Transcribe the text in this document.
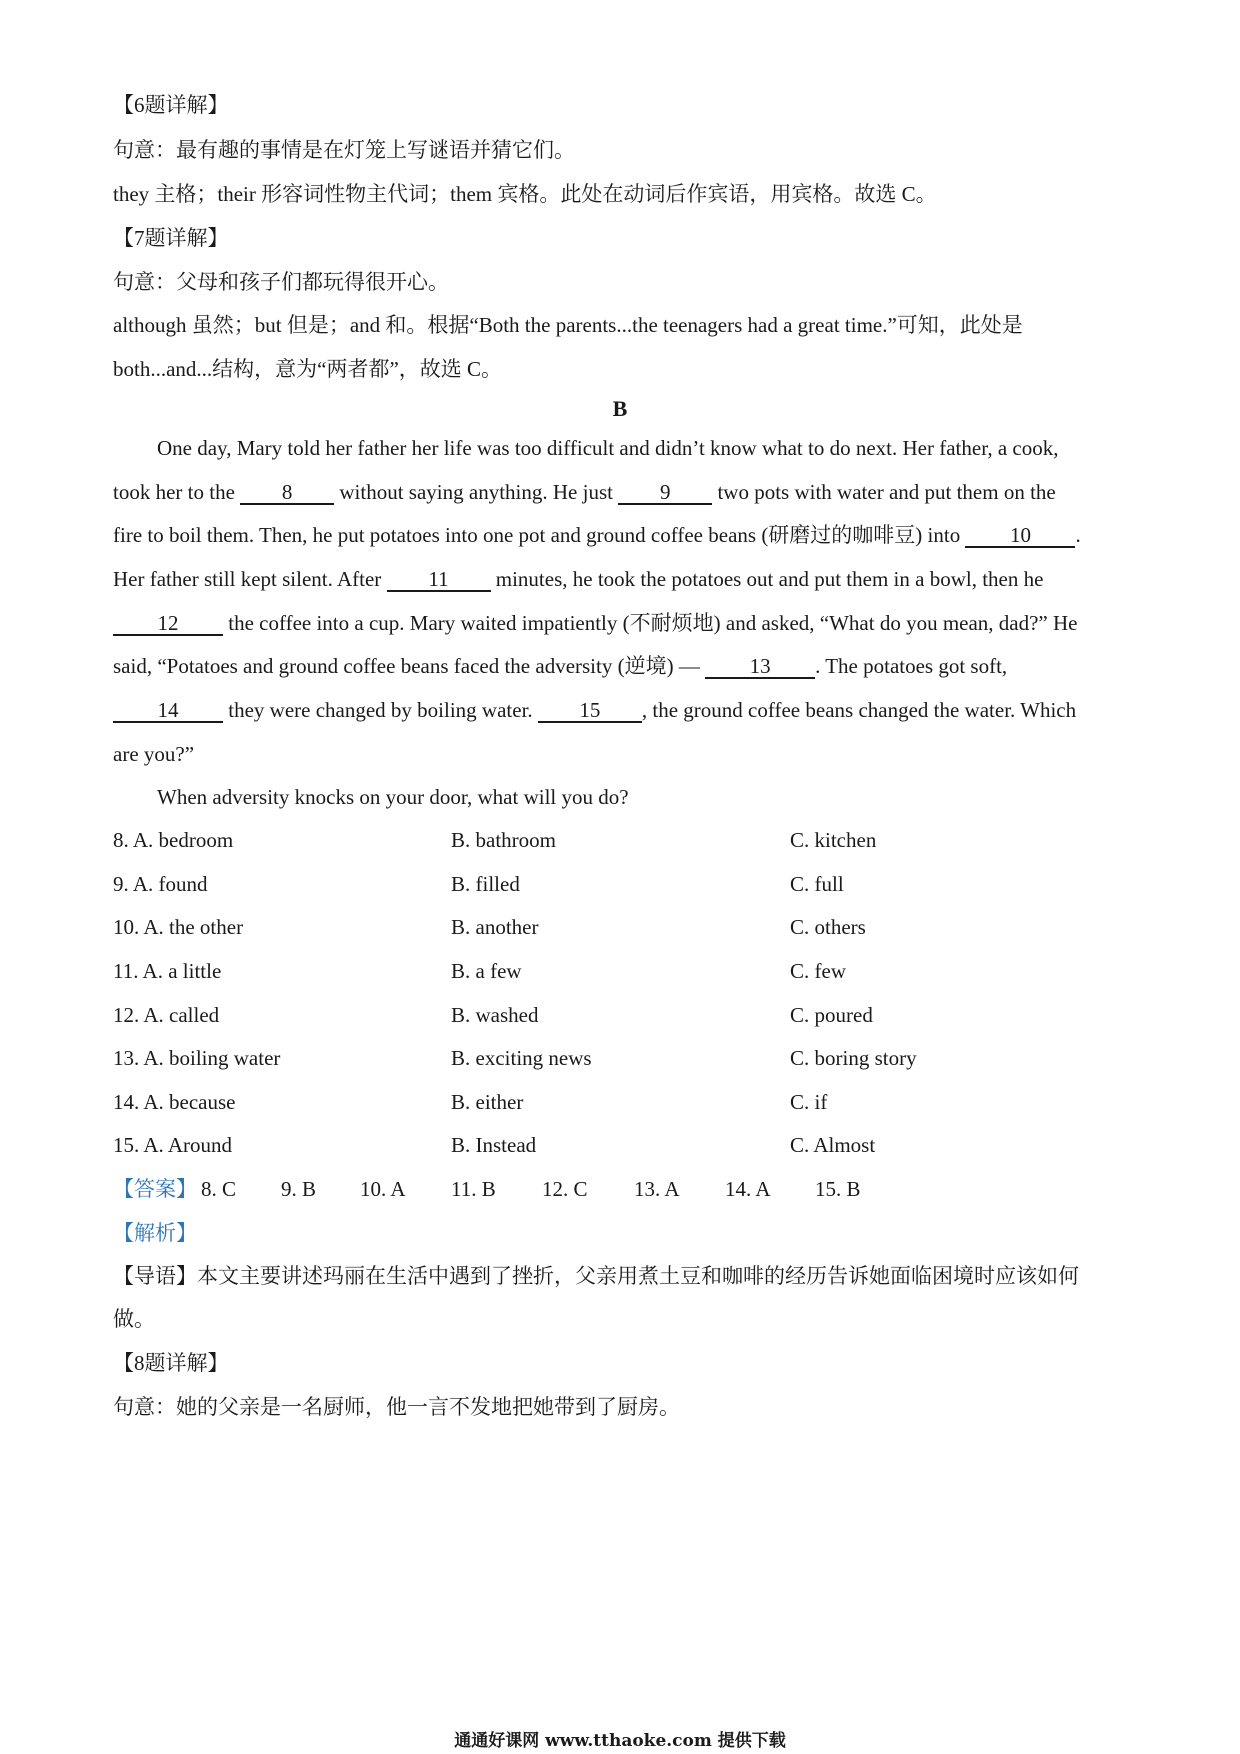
【6题详解】
句意：最有趣的事情是在灯笼上写谜语并猜它们。
they 主格；their 形容词性物主代词；them 宾格。此处在动词后作宾语，用宾格。故选 C。
【7题详解】
句意：父母和孩子们都玩得很开心。
although 虽然；but 但是；and 和。根据“Both the parents...the teenagers had a great time.”可知，此处是
both...and...结构，意为“两者都”，故选 C。
B
One day, Mary told her father her life was too difficult and didn’t know what to do next. Her father, a cook,
took her to the 8 without saying anything. He just 9 two pots with water and put them on the
fire to boil them. Then, he put potatoes into one pot and ground coffee beans (研磨过的咖啡豆) into 10 .
Her father still kept silent. After 11 minutes, he took the potatoes out and put them in a bowl, then he
12 the coffee into a cup. Mary waited impatiently (不耐烦地) and asked, “What do you mean, dad?” He
said, “Potatoes and ground coffee beans faced the adversity (逆境) — 13 . The potatoes got soft,
14 they were changed by boiling water. 15 , the ground coffee beans changed the water. Which
are you?”
When adversity knocks on your door, what will you do?
8. A. bedroom	B. bathroom	C. kitchen
9. A. found	B. filled	C. full
10. A. the other	B. another	C. others
11. A. a little	B. a few	C. few
12. A. called	B. washed	C. poured
13. A. boiling water	B. exciting news	C. boring story
14. A. because	B. either	C. if
15. A. Around	B. Instead	C. Almost
【答案】 8. C 9. B 10. A 11. B 12. C 13. A 14. A 15. B
【解析】
【导语】本文主要讲述玛丽在生活中遇到了挫折，父亲用煮土豆和咖啡的经历告诉她面临困境时应该如何
做。
【8题详解】
句意：她的父亲是一名厨师，他一言不发地把她带到了厨房。
通通好课网 www.tthaoke.com 提供下载
